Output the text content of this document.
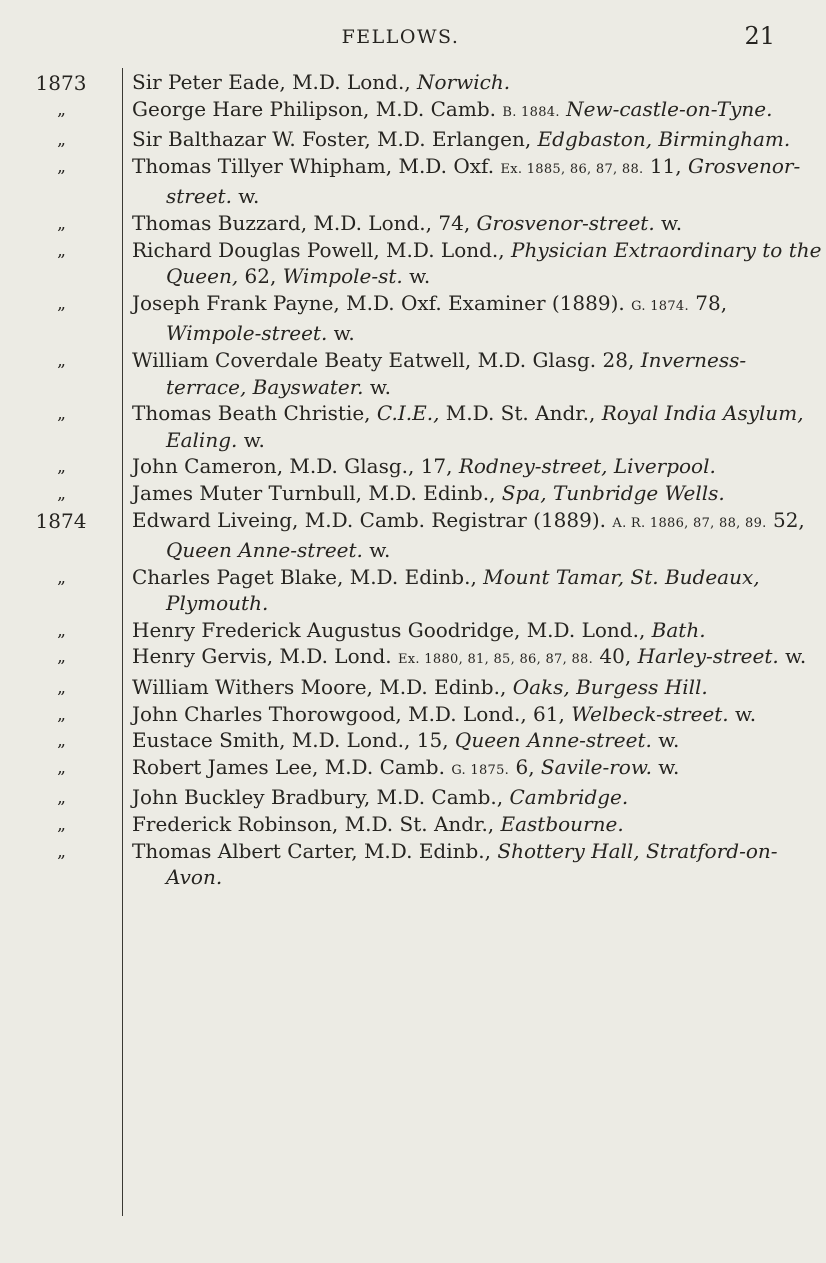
FELLOWS.	21
1873	Sir Peter Eade, M.D. Lond., Norwich.
„	George Hare Philipson, M.D. Camb. B. 1884. New-castle-on-Tyne.
„	Sir Balthazar W. Foster, M.D. Erlangen, Edgbaston, Birmingham.
„	Thomas Tillyer Whipham, M.D. Oxf. Ex. 1885, 86, 87, 88. 11, Grosvenor-street. w.
„	Thomas Buzzard, M.D. Lond., 74, Grosvenor-street. w.
„	Richard Douglas Powell, M.D. Lond., Physician Extraordinary to the Queen, 62, Wimpole-st. w.
„	Joseph Frank Payne, M.D. Oxf. Examiner (1889). G. 1874. 78, Wimpole-street. w.
„	William Coverdale Beaty Eatwell, M.D. Glasg. 28, Inverness-terrace, Bayswater. w.
„	Thomas Beath Christie, C.I.E., M.D. St. Andr., Royal India Asylum, Ealing. w.
„	John Cameron, M.D. Glasg., 17, Rodney-street, Liverpool.
„	James Muter Turnbull, M.D. Edinb., Spa, Tunbridge Wells.
1874	Edward Liveing, M.D. Camb. Registrar (1889). A. R. 1886, 87, 88, 89. 52, Queen Anne-street. w.
„	Charles Paget Blake, M.D. Edinb., Mount Tamar, St. Budeaux, Plymouth.
„	Henry Frederick Augustus Goodridge, M.D. Lond., Bath.
„	Henry Gervis, M.D. Lond. Ex. 1880, 81, 85, 86, 87, 88. 40, Harley-street. w.
„	William Withers Moore, M.D. Edinb., Oaks, Burgess Hill.
„	John Charles Thorowgood, M.D. Lond., 61, Welbeck-street. w.
„	Eustace Smith, M.D. Lond., 15, Queen Anne-street. w.
„	Robert James Lee, M.D. Camb. G. 1875. 6, Savile-row. w.
„	John Buckley Bradbury, M.D. Camb., Cambridge.
„	Frederick Robinson, M.D. St. Andr., Eastbourne.
„	Thomas Albert Carter, M.D. Edinb., Shottery Hall, Stratford-on-Avon.
